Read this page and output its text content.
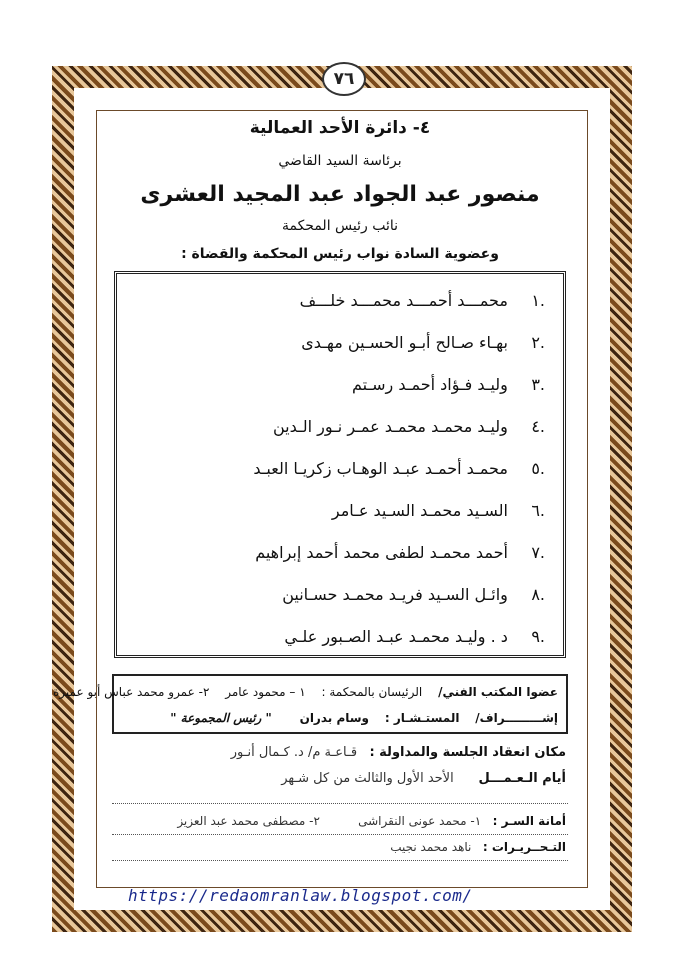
٧٦
٤- دائرة الأحد العمالية
برئاسة السيد القاضي
منصور عبد الجواد عبد المجيد العشرى
نائب رئيس المحكمة
وعضوية السادة نواب رئيس المحكمة والقضاة :
.١ محمـــد أحمـــد محمـــد خلـــف
.٢ بهـاء صـالح أبـو الحسـين مهـدى
.٣ وليـد فـؤاد أحمـد رسـتم
.٤ وليـد محمـد محمـد عمـر نـور الـدين
.٥ محمـد أحمـد عبـد الوهـاب زكريـا العبـد
.٦ السـيد محمـد السـيد عـامر
.٧ أحمد محمـد لطفى محمد أحمد إبراهيم
.٨ وائـل السـيد فريـد محمـد حسـانين
.٩ د . وليـد محمـد عبـد الصـبور علـي
عضوا المكتب الفني/ الرئيسان بالمحكمة : ١ – محمود عامر ٢- عمرو محمد عباس أبو عميرة
إشـــــــــراف/ المستـشـار : وسام بدران " رئيس المجموعة "
مكان انعقاد الجلسة والمداولة :   قـاعـة م/ د. كـمال أنـور
أيام الـعـمـــل      الأحد الأول والثالث من كل شـهر
أمانة السـر :   ١- محمد عونى النقراشى          ٢- مصطفى محمد عبد العزيز
التـحــريـرات :   ناهد محمد نجيب
https://redaomranlaw.blogspot.com/
